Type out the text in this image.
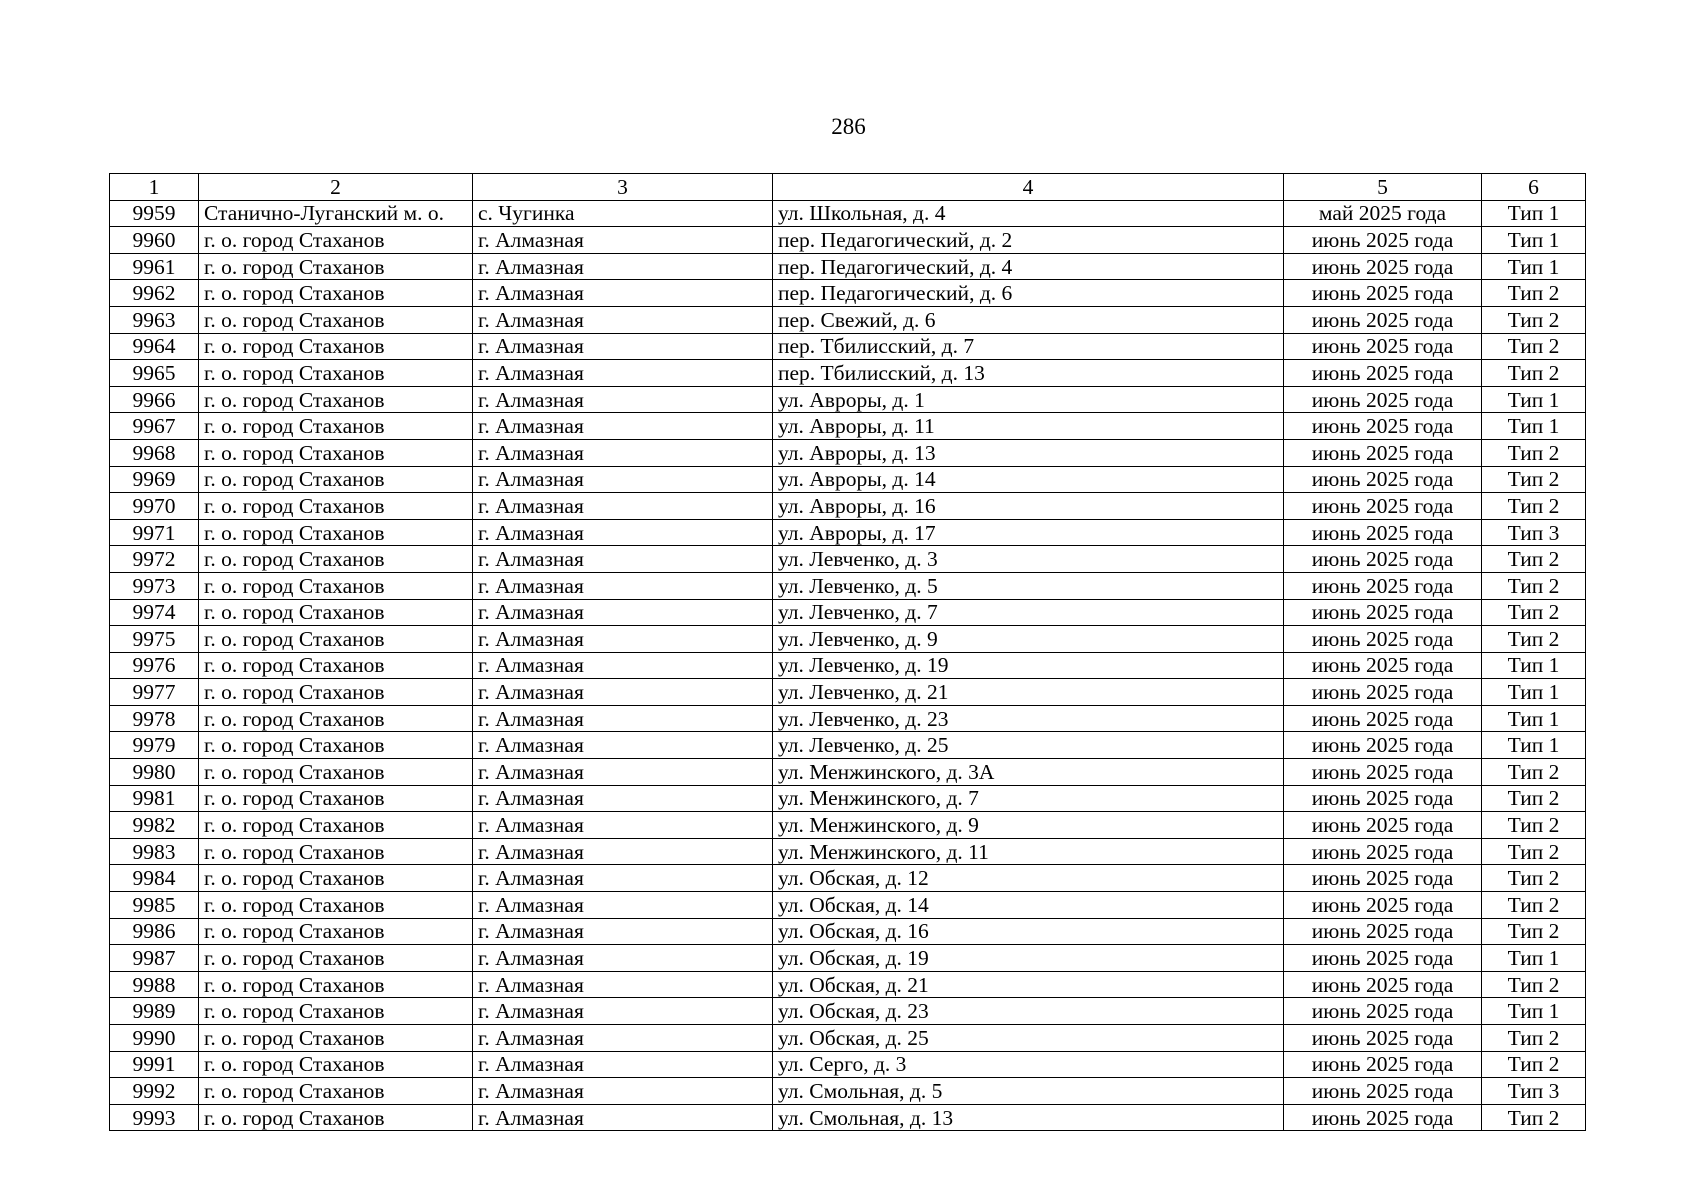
286
1	2	3	4	5	6
9959	Станично-Луганский м. о.	с. Чугинка	ул. Школьная, д. 4	май 2025 года	Тип 1
9960	г. о. город Стаханов	г. Алмазная	пер. Педагогический, д. 2	июнь 2025 года	Тип 1
9961	г. о. город Стаханов	г. Алмазная	пер. Педагогический, д. 4	июнь 2025 года	Тип 1
9962	г. о. город Стаханов	г. Алмазная	пер. Педагогический, д. 6	июнь 2025 года	Тип 2
9963	г. о. город Стаханов	г. Алмазная	пер. Свежий, д. 6	июнь 2025 года	Тип 2
9964	г. о. город Стаханов	г. Алмазная	пер. Тбилисский, д. 7	июнь 2025 года	Тип 2
9965	г. о. город Стаханов	г. Алмазная	пер. Тбилисский, д. 13	июнь 2025 года	Тип 2
9966	г. о. город Стаханов	г. Алмазная	ул. Авроры, д. 1	июнь 2025 года	Тип 1
9967	г. о. город Стаханов	г. Алмазная	ул. Авроры, д. 11	июнь 2025 года	Тип 1
9968	г. о. город Стаханов	г. Алмазная	ул. Авроры, д. 13	июнь 2025 года	Тип 2
9969	г. о. город Стаханов	г. Алмазная	ул. Авроры, д. 14	июнь 2025 года	Тип 2
9970	г. о. город Стаханов	г. Алмазная	ул. Авроры, д. 16	июнь 2025 года	Тип 2
9971	г. о. город Стаханов	г. Алмазная	ул. Авроры, д. 17	июнь 2025 года	Тип 3
9972	г. о. город Стаханов	г. Алмазная	ул. Левченко, д. 3	июнь 2025 года	Тип 2
9973	г. о. город Стаханов	г. Алмазная	ул. Левченко, д. 5	июнь 2025 года	Тип 2
9974	г. о. город Стаханов	г. Алмазная	ул. Левченко, д. 7	июнь 2025 года	Тип 2
9975	г. о. город Стаханов	г. Алмазная	ул. Левченко, д. 9	июнь 2025 года	Тип 2
9976	г. о. город Стаханов	г. Алмазная	ул. Левченко, д. 19	июнь 2025 года	Тип 1
9977	г. о. город Стаханов	г. Алмазная	ул. Левченко, д. 21	июнь 2025 года	Тип 1
9978	г. о. город Стаханов	г. Алмазная	ул. Левченко, д. 23	июнь 2025 года	Тип 1
9979	г. о. город Стаханов	г. Алмазная	ул. Левченко, д. 25	июнь 2025 года	Тип 1
9980	г. о. город Стаханов	г. Алмазная	ул. Менжинского, д. 3А	июнь 2025 года	Тип 2
9981	г. о. город Стаханов	г. Алмазная	ул. Менжинского, д. 7	июнь 2025 года	Тип 2
9982	г. о. город Стаханов	г. Алмазная	ул. Менжинского, д. 9	июнь 2025 года	Тип 2
9983	г. о. город Стаханов	г. Алмазная	ул. Менжинского, д. 11	июнь 2025 года	Тип 2
9984	г. о. город Стаханов	г. Алмазная	ул. Обская, д. 12	июнь 2025 года	Тип 2
9985	г. о. город Стаханов	г. Алмазная	ул. Обская, д. 14	июнь 2025 года	Тип 2
9986	г. о. город Стаханов	г. Алмазная	ул. Обская, д. 16	июнь 2025 года	Тип 2
9987	г. о. город Стаханов	г. Алмазная	ул. Обская, д. 19	июнь 2025 года	Тип 1
9988	г. о. город Стаханов	г. Алмазная	ул. Обская, д. 21	июнь 2025 года	Тип 2
9989	г. о. город Стаханов	г. Алмазная	ул. Обская, д. 23	июнь 2025 года	Тип 1
9990	г. о. город Стаханов	г. Алмазная	ул. Обская, д. 25	июнь 2025 года	Тип 2
9991	г. о. город Стаханов	г. Алмазная	ул. Серго, д. 3	июнь 2025 года	Тип 2
9992	г. о. город Стаханов	г. Алмазная	ул. Смольная, д. 5	июнь 2025 года	Тип 3
9993	г. о. город Стаханов	г. Алмазная	ул. Смольная, д. 13	июнь 2025 года	Тип 2
